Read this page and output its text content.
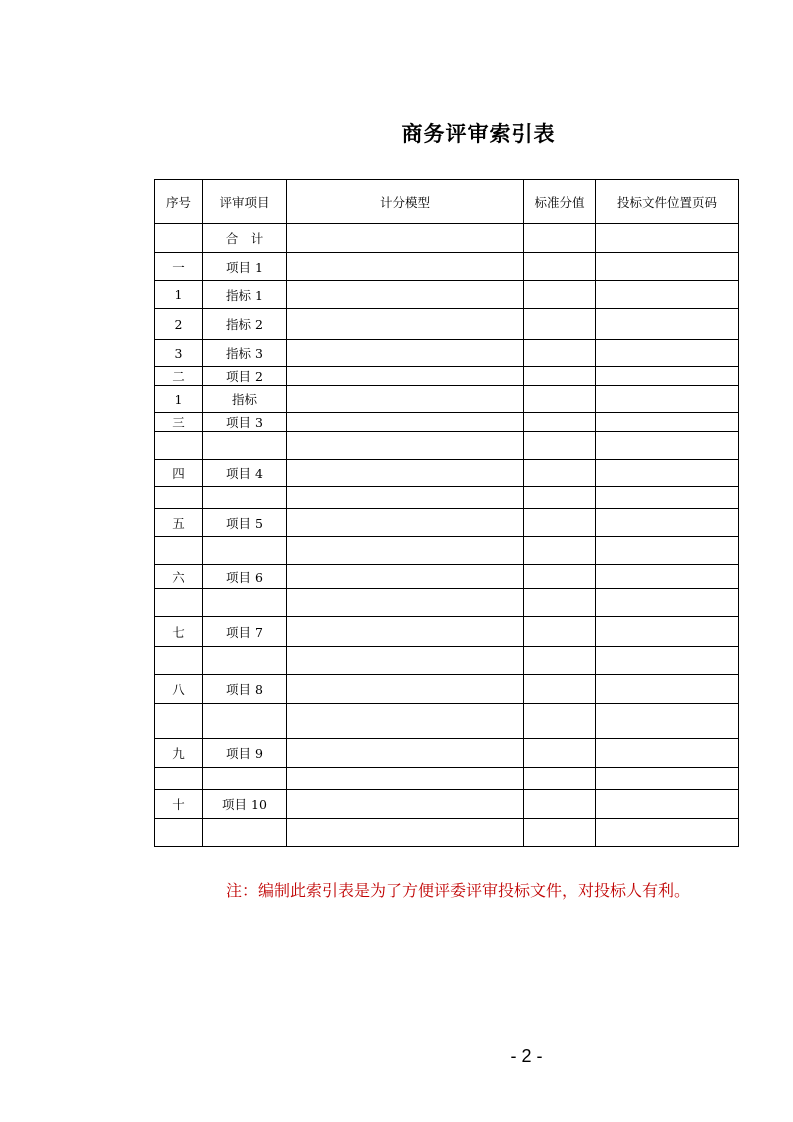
商务评审索引表
序号	评审项目	计分模型	标准分值	投标文件位置页码
	合　计			
一	项目 1			
1	指标 1			
2	指标 2			
3	指标 3			
二	项目 2			
1	指标			
三	项目 3			

四	项目 4			

五	项目 5			

六	项目 6			

七	项目 7			

八	项目 8			

九	项目 9			

十	项目 10			

注：编制此索引表是为了方便评委评审投标文件，对投标人有利。
- 2 -
